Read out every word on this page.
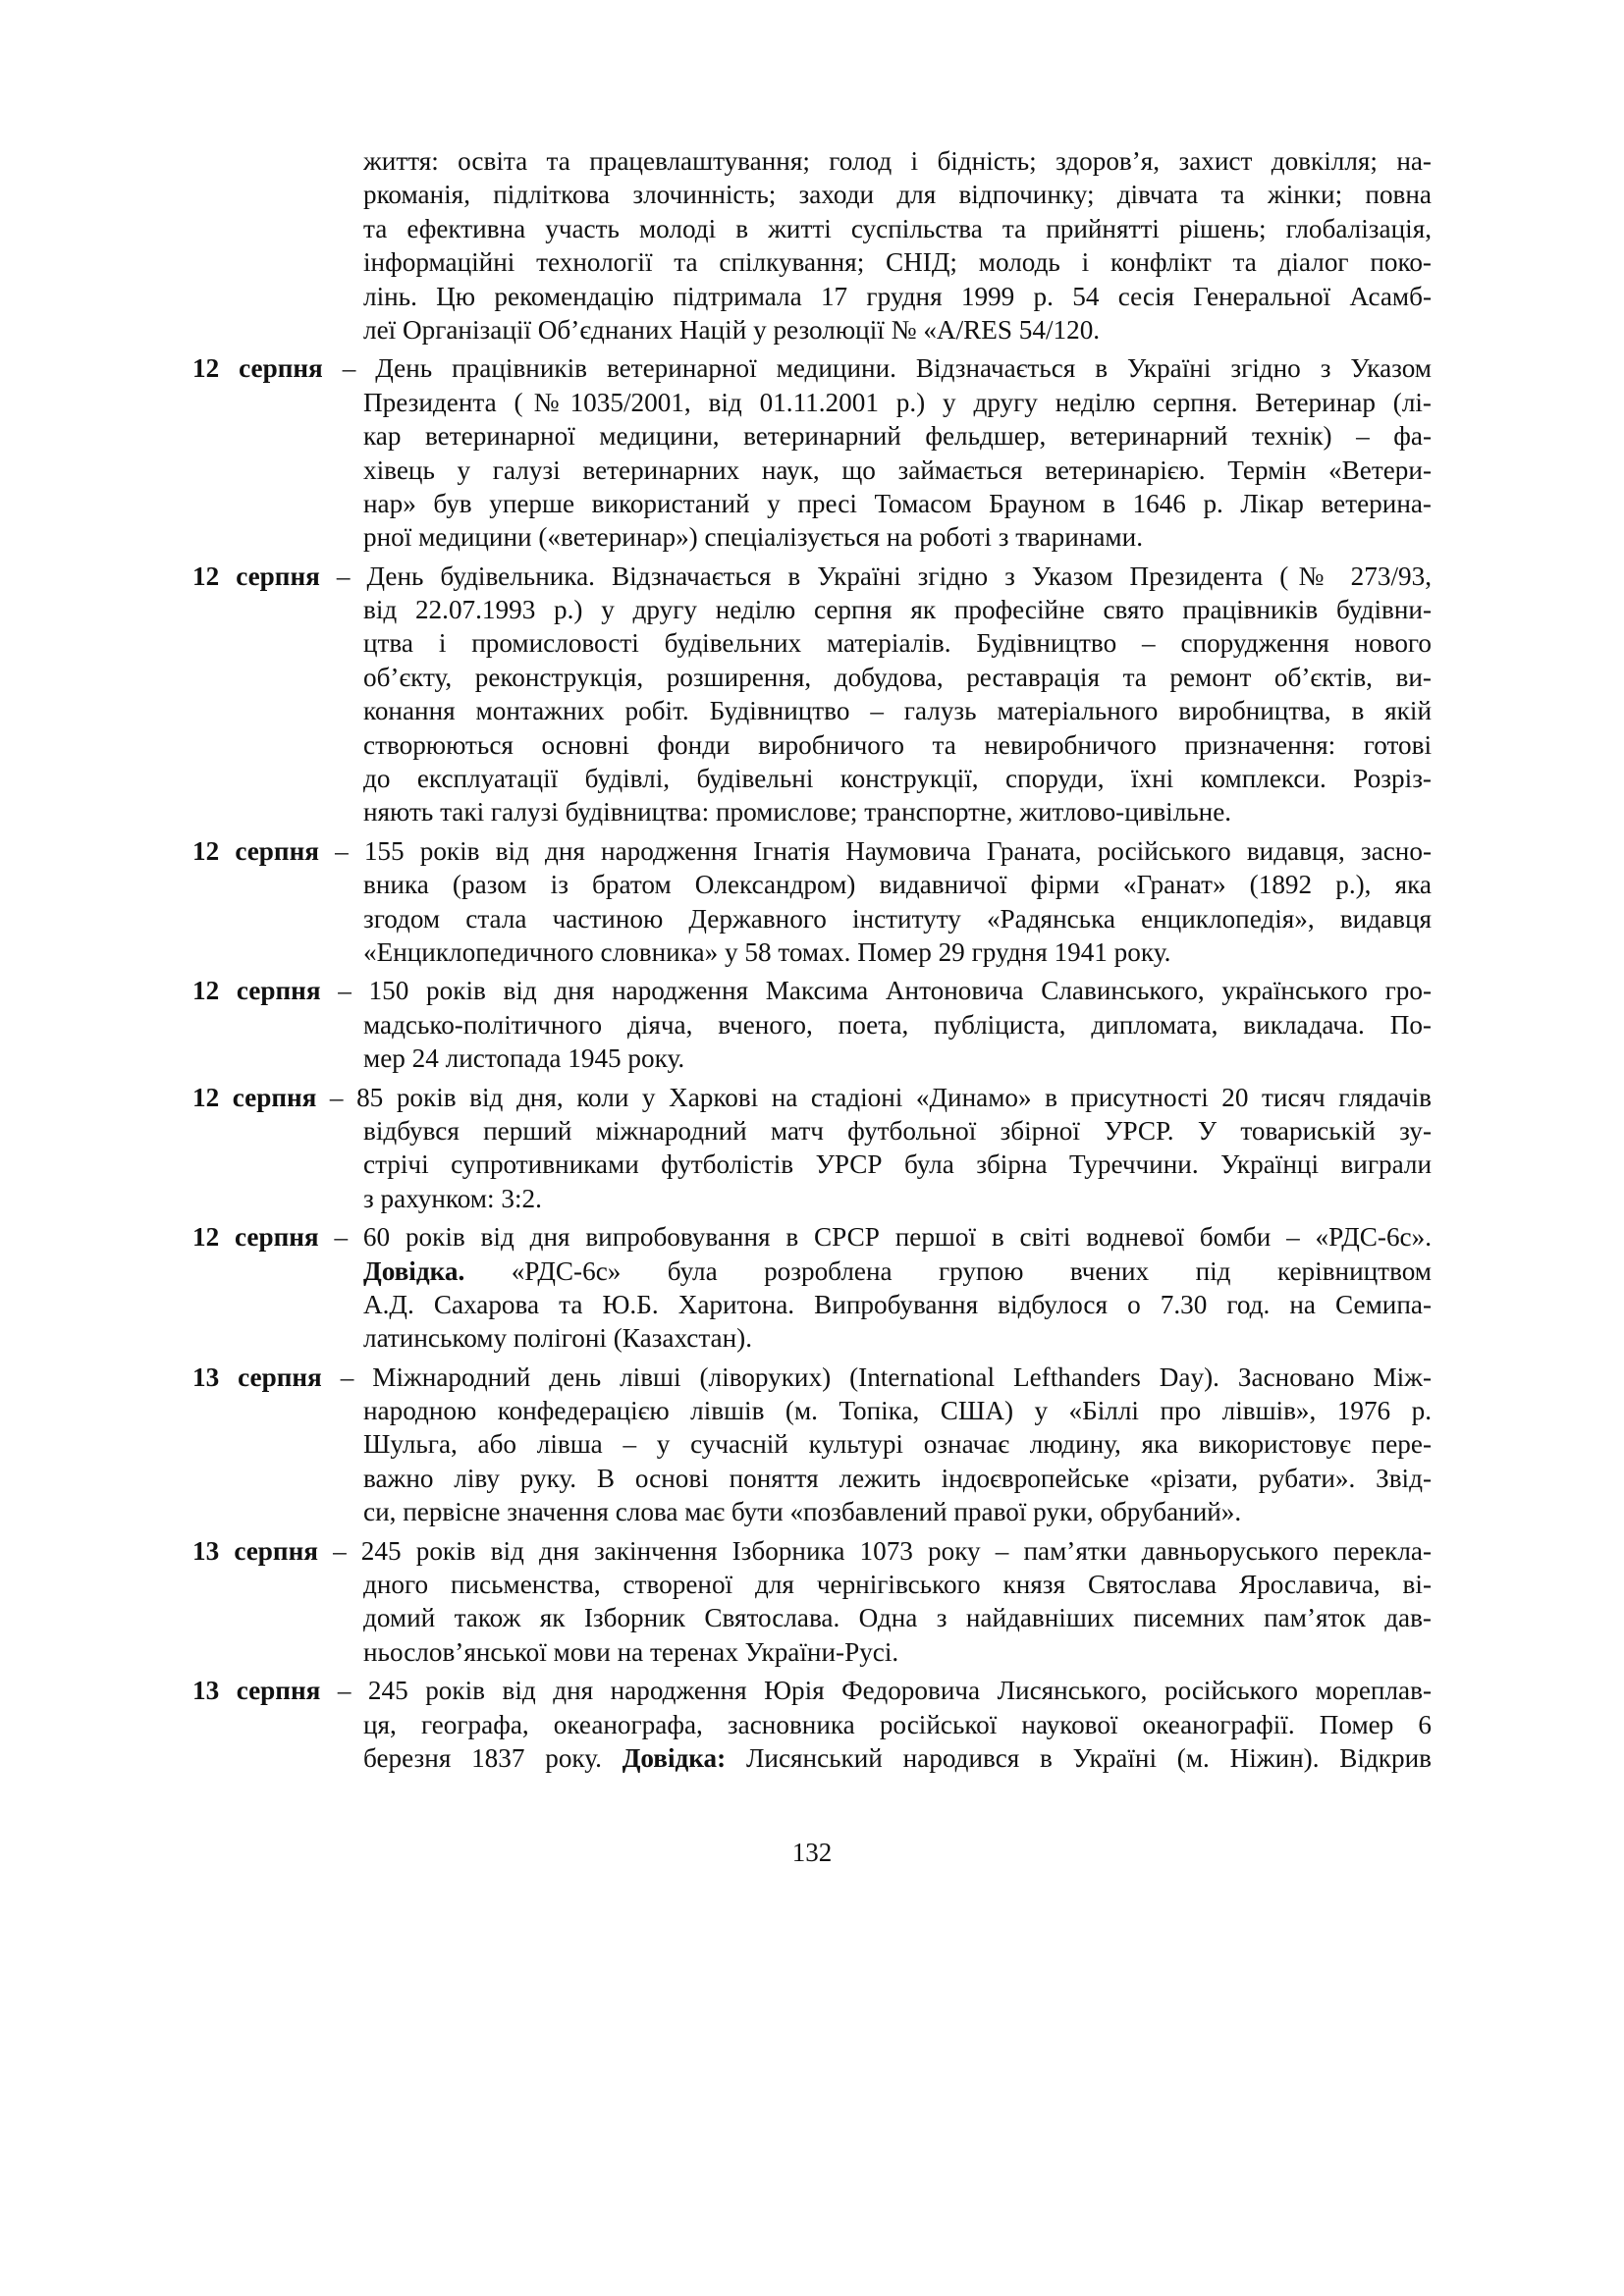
життя: освіта та працевлаштування; голод і бідність; здоров’я, захист довкілля; на-
ркоманія, підліткова злочинність; заходи для відпочинку; дівчата та жінки; повна
та ефективна участь молоді в житті суспільства та прийнятті рішень; глобалізація,
інформаційні технології та спілкування; СНІД; молодь і конфлікт та діалог поко-
лінь. Цю рекомендацію підтримала 17 грудня 1999 р. 54 сесія Генеральної Асамб-
леї Організації Об’єднаних Націй у резолюції № «A/RES 54/120.
12 серпня – День працівників ветеринарної медицини. Відзначається в Україні згідно з Указом
Президента (№1035/2001, від 01.11.2001 р.) у другу неділю серпня. Ветеринар (лі-
кар ветеринарної медицини, ветеринарний фельдшер, ветеринарний технік) – фа-
хівець у галузі ветеринарних наук, що займається ветеринарією. Термін «Ветери-
нар» був уперше використаний у пресі Томасом Брауном в 1646 р. Лікар ветерина-
рної медицини («ветеринар») спеціалізується на роботі з тваринами.
12 серпня – День будівельника. Відзначається в Україні згідно з Указом Президента (№ 273/93,
від 22.07.1993 р.) у другу неділю серпня як професійне свято працівників будівни-
цтва і промисловості будівельних матеріалів. Будівництво – спорудження нового
об’єкту, реконструкція, розширення, добудова, реставрація та ремонт об’єктів, ви-
конання монтажних робіт. Будівництво – галузь матеріального виробництва, в якій
створюються основні фонди виробничого та невиробничого призначення: готові
до експлуатації будівлі, будівельні конструкції, споруди, їхні комплекси. Розріз-
няють такі галузі будівництва: промислове; транспортне, житлово-цивільне.
12 серпня – 155 років від дня народження Ігнатія Наумовича Граната, російського видавця, засно-
вника (разом із братом Олександром) видавничої фірми «Гранат» (1892 р.), яка
згодом стала частиною Державного інституту «Радянська енциклопедія», видавця
«Енциклопедичного словника» у 58 томах. Помер 29 грудня 1941 року.
12 серпня – 150 років від дня народження Максима Антоновича Славинського, українського гро-
мадсько-політичного діяча, вченого, поета, публіциста, дипломата, викладача. По-
мер 24 листопада 1945 року.
12 серпня – 85 років від дня, коли у Харкові на стадіоні «Динамо» в присутності 20 тисяч глядачів
відбувся перший міжнародний матч футбольної збірної УРСР. У товариській зу-
стрічі супротивниками футболістів УРСР була збірна Туреччини. Українці виграли
з рахунком: 3:2.
12 серпня – 60 років від дня випробовування в СРСР першої в світі водневої бомби – «РДС-6с».
Довідка. «РДС-6с» була розроблена групою вчених під керівництвом
А.Д. Сахарова та Ю.Б. Харитона. Випробування відбулося о 7.30 год. на Семипа-
латинському полігоні (Казахстан).
13 серпня – Міжнародний день лівші (ліворуких) (International Lefthanders Day). Засновано Між-
народною конфедерацією лівшів (м. Топіка, США) у «Біллі про лівшів», 1976 р.
Шульга, або лівша – у сучасній культурі означає людину, яка використовує пере-
важно ліву руку. В основі поняття лежить індоєвропейське «різати, рубати». Звід-
си, первісне значення слова має бути «позбавлений правої руки, обрубаний».
13 серпня – 245 років від дня закінчення Ізборника 1073 року – пам’ятки давньоруського перекла-
дного письменства, створеної для чернігівського князя Святослава Ярославича, ві-
домий також як Ізборник Святослава. Одна з найдавніших писемних пам’яток дав-
ньослов’янської мови на теренах України-Русі.
13 серпня – 245 років від дня народження Юрія Федоровича Лисянського, російського мореплав-
ця, географа, океанографа, засновника російської наукової океанографії. Помер 6
березня 1837 року. Довідка: Лисянський народився в Україні (м. Ніжин). Відкрив
132
